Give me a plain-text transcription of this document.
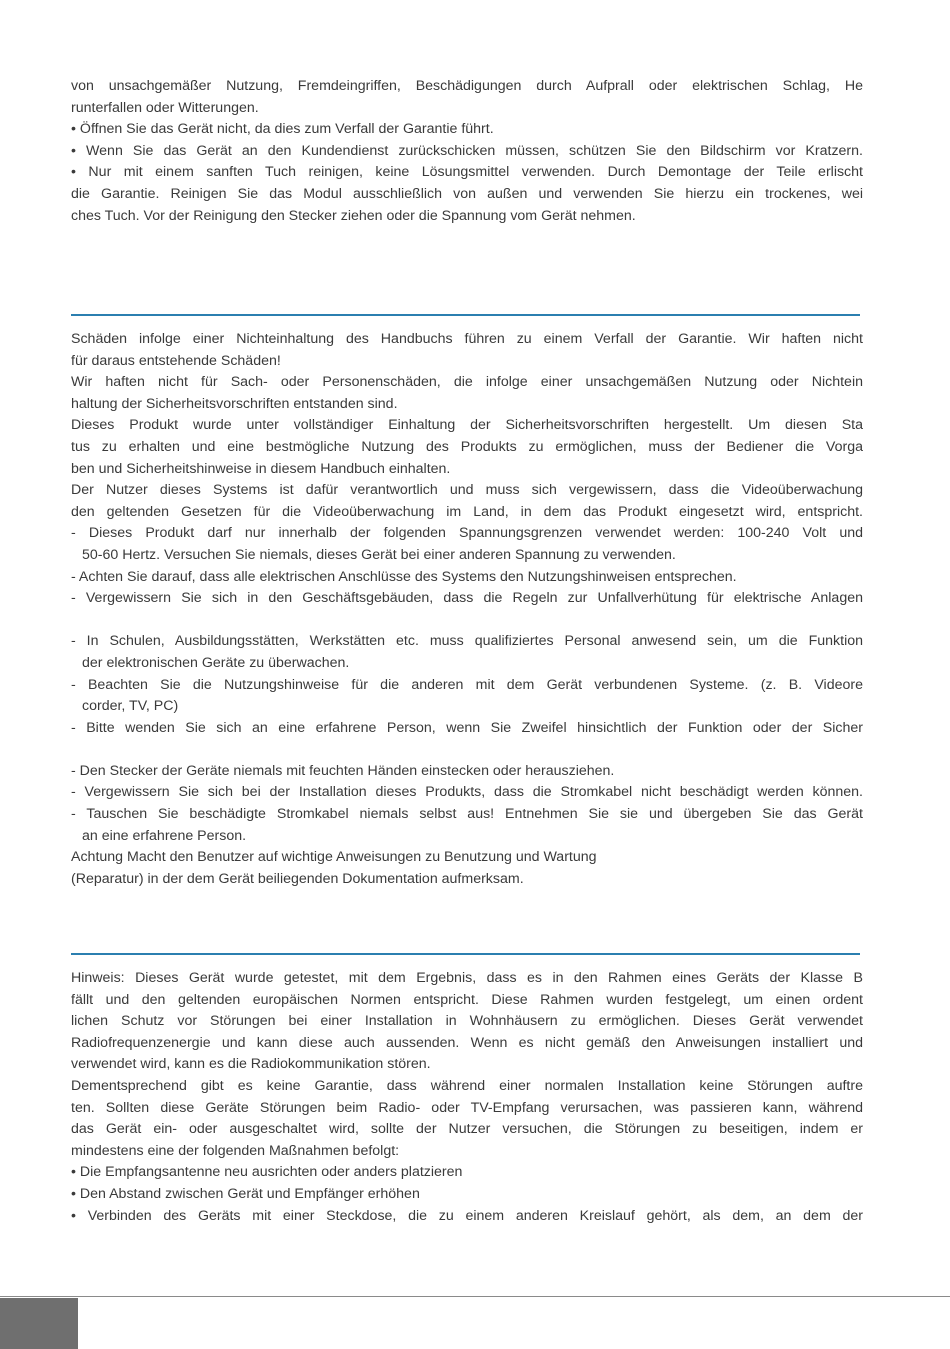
von unsachgemäßer Nutzung, Fremdeingriffen, Beschädigungen durch Aufprall oder elektrischen Schlag, He
runterfallen oder Witterungen.
• Öffnen Sie das Gerät nicht, da dies zum Verfall der Garantie führt.
• Wenn Sie das Gerät an den Kundendienst zurückschicken müssen, schützen Sie den Bildschirm vor Kratzern.
• Nur mit einem sanften Tuch reinigen, keine Lösungsmittel verwenden. Durch Demontage der Teile erlischt
die Garantie. Reinigen Sie das Modul ausschließlich von außen und verwenden Sie hierzu ein trockenes, wei
ches Tuch. Vor der Reinigung den Stecker ziehen oder die Spannung vom Gerät nehmen.
Schäden infolge einer Nichteinhaltung des Handbuchs führen zu einem Verfall der Garantie. Wir haften nicht
für daraus entstehende Schäden!
Wir haften nicht für Sach- oder Personenschäden, die infolge einer unsachgemäßen Nutzung oder Nichtein
haltung der Sicherheitsvorschriften entstanden sind.
Dieses Produkt wurde unter vollständiger Einhaltung der Sicherheitsvorschriften hergestellt. Um diesen Sta
tus zu erhalten und eine bestmögliche Nutzung des Produkts zu ermöglichen, muss der Bediener die Vorga
ben und Sicherheitshinweise in diesem Handbuch einhalten.
Der Nutzer dieses Systems ist dafür verantwortlich und muss sich vergewissern, dass die Videoüberwachung
den geltenden Gesetzen für die Videoüberwachung im Land, in dem das Produkt eingesetzt wird, entspricht.
- Dieses Produkt darf nur innerhalb der folgenden Spannungsgrenzen verwendet werden: 100-240 Volt und
50-60 Hertz. Versuchen Sie niemals, dieses Gerät bei einer anderen Spannung zu verwenden.
- Achten Sie darauf, dass alle elektrischen Anschlüsse des Systems den Nutzungshinweisen entsprechen.
- Vergewissern Sie sich in den Geschäftsgebäuden, dass die Regeln zur Unfallverhütung für elektrische Anlagen
- In Schulen, Ausbildungsstätten, Werkstätten etc. muss qualifiziertes Personal anwesend sein, um die Funktion
der elektronischen Geräte zu überwachen.
- Beachten Sie die Nutzungshinweise für die anderen mit dem Gerät verbundenen Systeme. (z. B. Videore
corder, TV, PC)
- Bitte wenden Sie sich an eine erfahrene Person, wenn Sie Zweifel hinsichtlich der Funktion oder der Sicher
- Den Stecker der Geräte niemals mit feuchten Händen einstecken oder herausziehen.
- Vergewissern Sie sich bei der Installation dieses Produkts, dass die Stromkabel nicht beschädigt werden können.
- Tauschen Sie beschädigte Stromkabel niemals selbst aus! Entnehmen Sie sie und übergeben Sie das Gerät
an eine erfahrene Person.
Achtung Macht den Benutzer auf wichtige Anweisungen zu Benutzung und Wartung
(Reparatur) in der dem Gerät beiliegenden Dokumentation aufmerksam.
Hinweis: Dieses Gerät wurde getestet, mit dem Ergebnis, dass es in den Rahmen eines Geräts der Klasse B
fällt und den geltenden europäischen Normen entspricht. Diese Rahmen wurden festgelegt, um einen ordent
lichen Schutz vor Störungen bei einer Installation in Wohnhäusern zu ermöglichen. Dieses Gerät verwendet
Radiofrequenzenergie und kann diese auch aussenden. Wenn es nicht gemäß den Anweisungen installiert und
verwendet wird, kann es die Radiokommunikation stören.
Dementsprechend gibt es keine Garantie, dass während einer normalen Installation keine Störungen auftre
ten. Sollten diese Geräte Störungen beim Radio- oder TV-Empfang verursachen, was passieren kann, während
das Gerät ein- oder ausgeschaltet wird, sollte der Nutzer versuchen, die Störungen zu beseitigen, indem er
mindestens eine der folgenden Maßnahmen befolgt:
• Die Empfangsantenne neu ausrichten oder anders platzieren
• Den Abstand zwischen Gerät und Empfänger erhöhen
• Verbinden des Geräts mit einer Steckdose, die zu einem anderen Kreislauf gehört, als dem, an dem der
